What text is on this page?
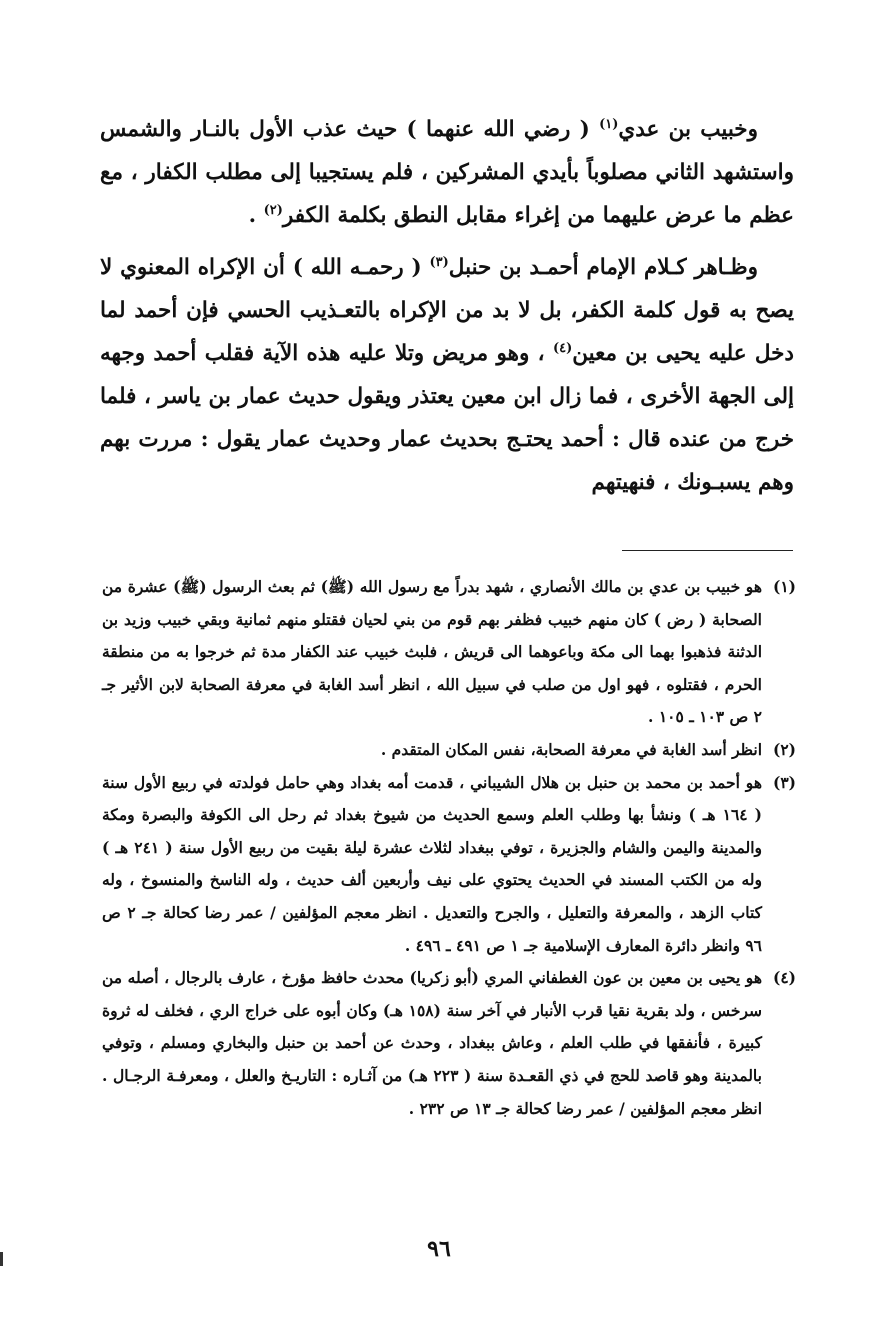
وخبيب بن عدي$^{(١)}$ ( رضي الله عنهما ) حيث عذب الأول بالنـار والشمس واستشهد الثاني مصلوباً بأيدي المشركين ، فلم يستجيبا إلى مطلب الكفار ، مع عظم ما عرض عليهما من إغراء مقابل النطق بكلمة الكفر$^{(٢)}$ .

وظـاهر كـلام الإمام أحمـد بن حنبل$^{(٣)}$ ( رحمـه الله ) أن الإكراه المعنوي لا يصح به قول كلمة الكفر، بل لا بد من الإكراه بالتعـذيب الحسي فإن أحمد لما دخل عليه يحيى بن معين$^{(٤)}$ ، وهو مريض وتلا عليه هذه الآية فقلب أحمد وجهه إلى الجهة الأخرى ، فما زال ابن معين يعتذر ويقول حديث عمار بن ياسر ، فلما خرج من عنده قال : أحمد يحتـج بحديث عمار وحديث عمار يقول : مررت بهم وهم يسبـونك ، فنهيتهم

(١)
هو خبيب بن عدي بن مالك الأنصاري ، شهد بدراً مع رسول الله (ﷺ) ثم بعث الرسول (ﷺ) عشرة من الصحابة ( رض ) كان منهم خبيب فظفر بهم قوم من بني لحيان فقتلو منهم ثمانية وبقي خبيب وزيد بن الدثنة فذهبوا بهما الى مكة وباعوهما الى قريش ، فلبث خبيب عند الكفار مدة ثم خرجوا به من منطقة الحرم ، فقتلوه ، فهو اول من صلب في سبيل الله ، انظر أسد الغابة في معرفة الصحابة لابن الأثير جـ ٢ ص ١٠٣ ـ ١٠٥ .
(٢)
انظر أسد الغابة في معرفة الصحابة، نفس المكان المتقدم .
(٣)
هو أحمد بن محمد بن حنبل بن هلال الشيباني ، قدمت أمه بغداد وهي حامل فولدته في ربيع الأول سنة ( ١٦٤ هـ ) ونشأ بها وطلب العلم وسمع الحديث من شيوخ بغداد ثم رحل الى الكوفة والبصرة ومكة والمدينة واليمن والشام والجزيرة ، توفي ببغداد لثلاث عشرة ليلة بقيت من ربيع الأول سنة ( ٢٤١ هـ ) وله من الكتب المسند في الحديث يحتوي على نيف وأربعين ألف حديث ، وله الناسخ والمنسوخ ، وله كتاب الزهد ، والمعرفة والتعليل ، والجرح والتعديل . انظر معجم المؤلفين / عمر رضا كحالة جـ ٢ ص ٩٦ وانظر دائرة المعارف الإسلامية جـ ١ ص ٤٩١ ـ ٤٩٦ .
(٤)
هو يحيى بن معين بن عون الغطفاني المري (أبو زكريا) محدث حافظ مؤرخ ، عارف بالرجال ، أصله من سرخس ، ولد بقرية نقيا قرب الأنبار في آخر سنة (١٥٨ هـ) وكان أبوه على خراج الري ، فخلف له ثروة كبيرة ، فأنفقها في طلب العلم ، وعاش ببغداد ، وحدث عن أحمد بن حنبل والبخاري ومسلم ، وتوفي بالمدينة وهو قاصد للحج في ذي القعـدة سنة ( ٢٢٣ هـ) من آثـاره : التاريـخ والعلل ، ومعرفـة الرجـال . انظر معجم المؤلفين / عمر رضا كحالة جـ ١٣ ص ٢٣٢ .
٩٦
